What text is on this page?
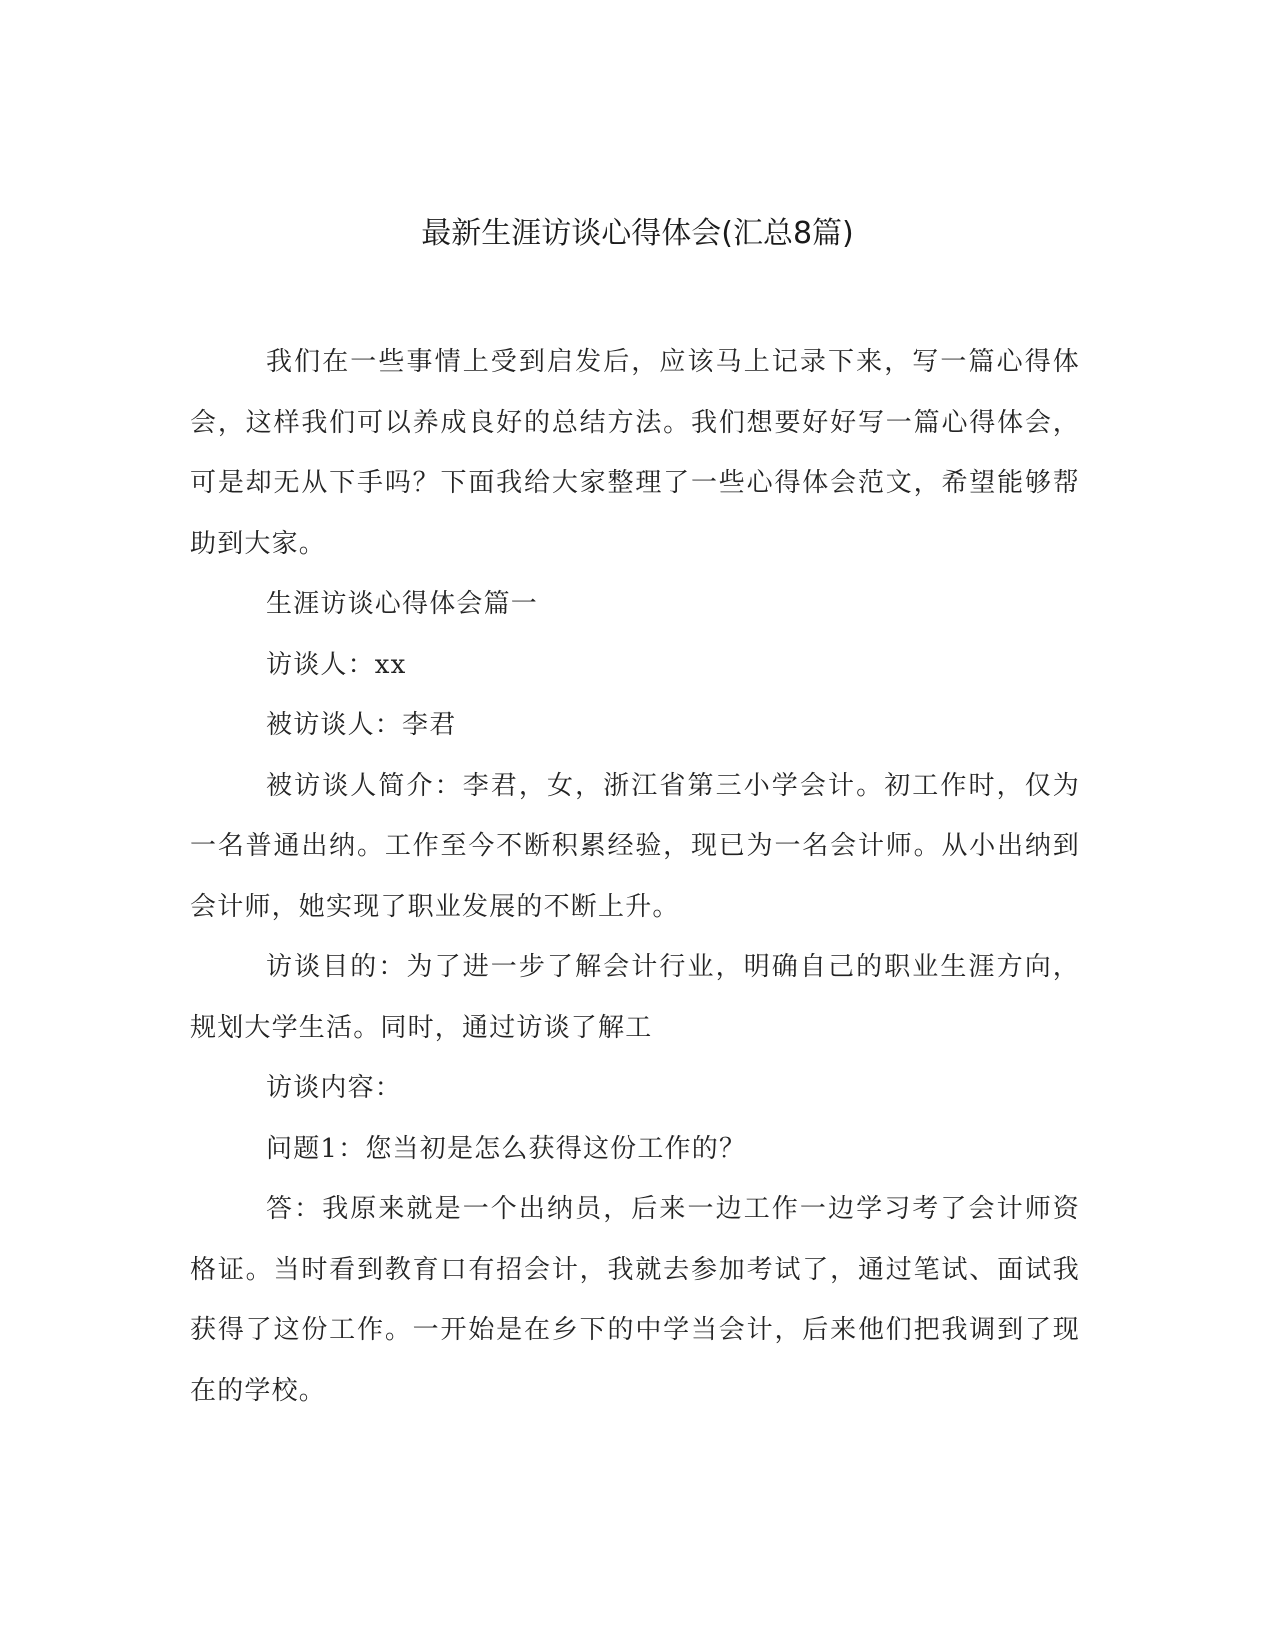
最新生涯访谈心得体会(汇总8篇)

我们在一些事情上受到启发后，应该马上记录下来，写一篇心得体会，这样我们可以养成良好的总结方法。我们想要好好写一篇心得体会，可是却无从下手吗？下面我给大家整理了一些心得体会范文，希望能够帮助到大家。

生涯访谈心得体会篇一

访谈人：xx

被访谈人：李君

被访谈人简介：李君，女，浙江省第三小学会计。初工作时，仅为一名普通出纳。工作至今不断积累经验，现已为一名会计师。从小出纳到会计师，她实现了职业发展的不断上升。

访谈目的：为了进一步了解会计行业，明确自己的职业生涯方向，规划大学生活。同时，通过访谈了解工

访谈内容：

问题1：您当初是怎么获得这份工作的？

答：我原来就是一个出纳员，后来一边工作一边学习考了会计师资格证。当时看到教育口有招会计，我就去参加考试了，通过笔试、面试我获得了这份工作。一开始是在乡下的中学当会计，后来他们把我调到了现在的学校。
